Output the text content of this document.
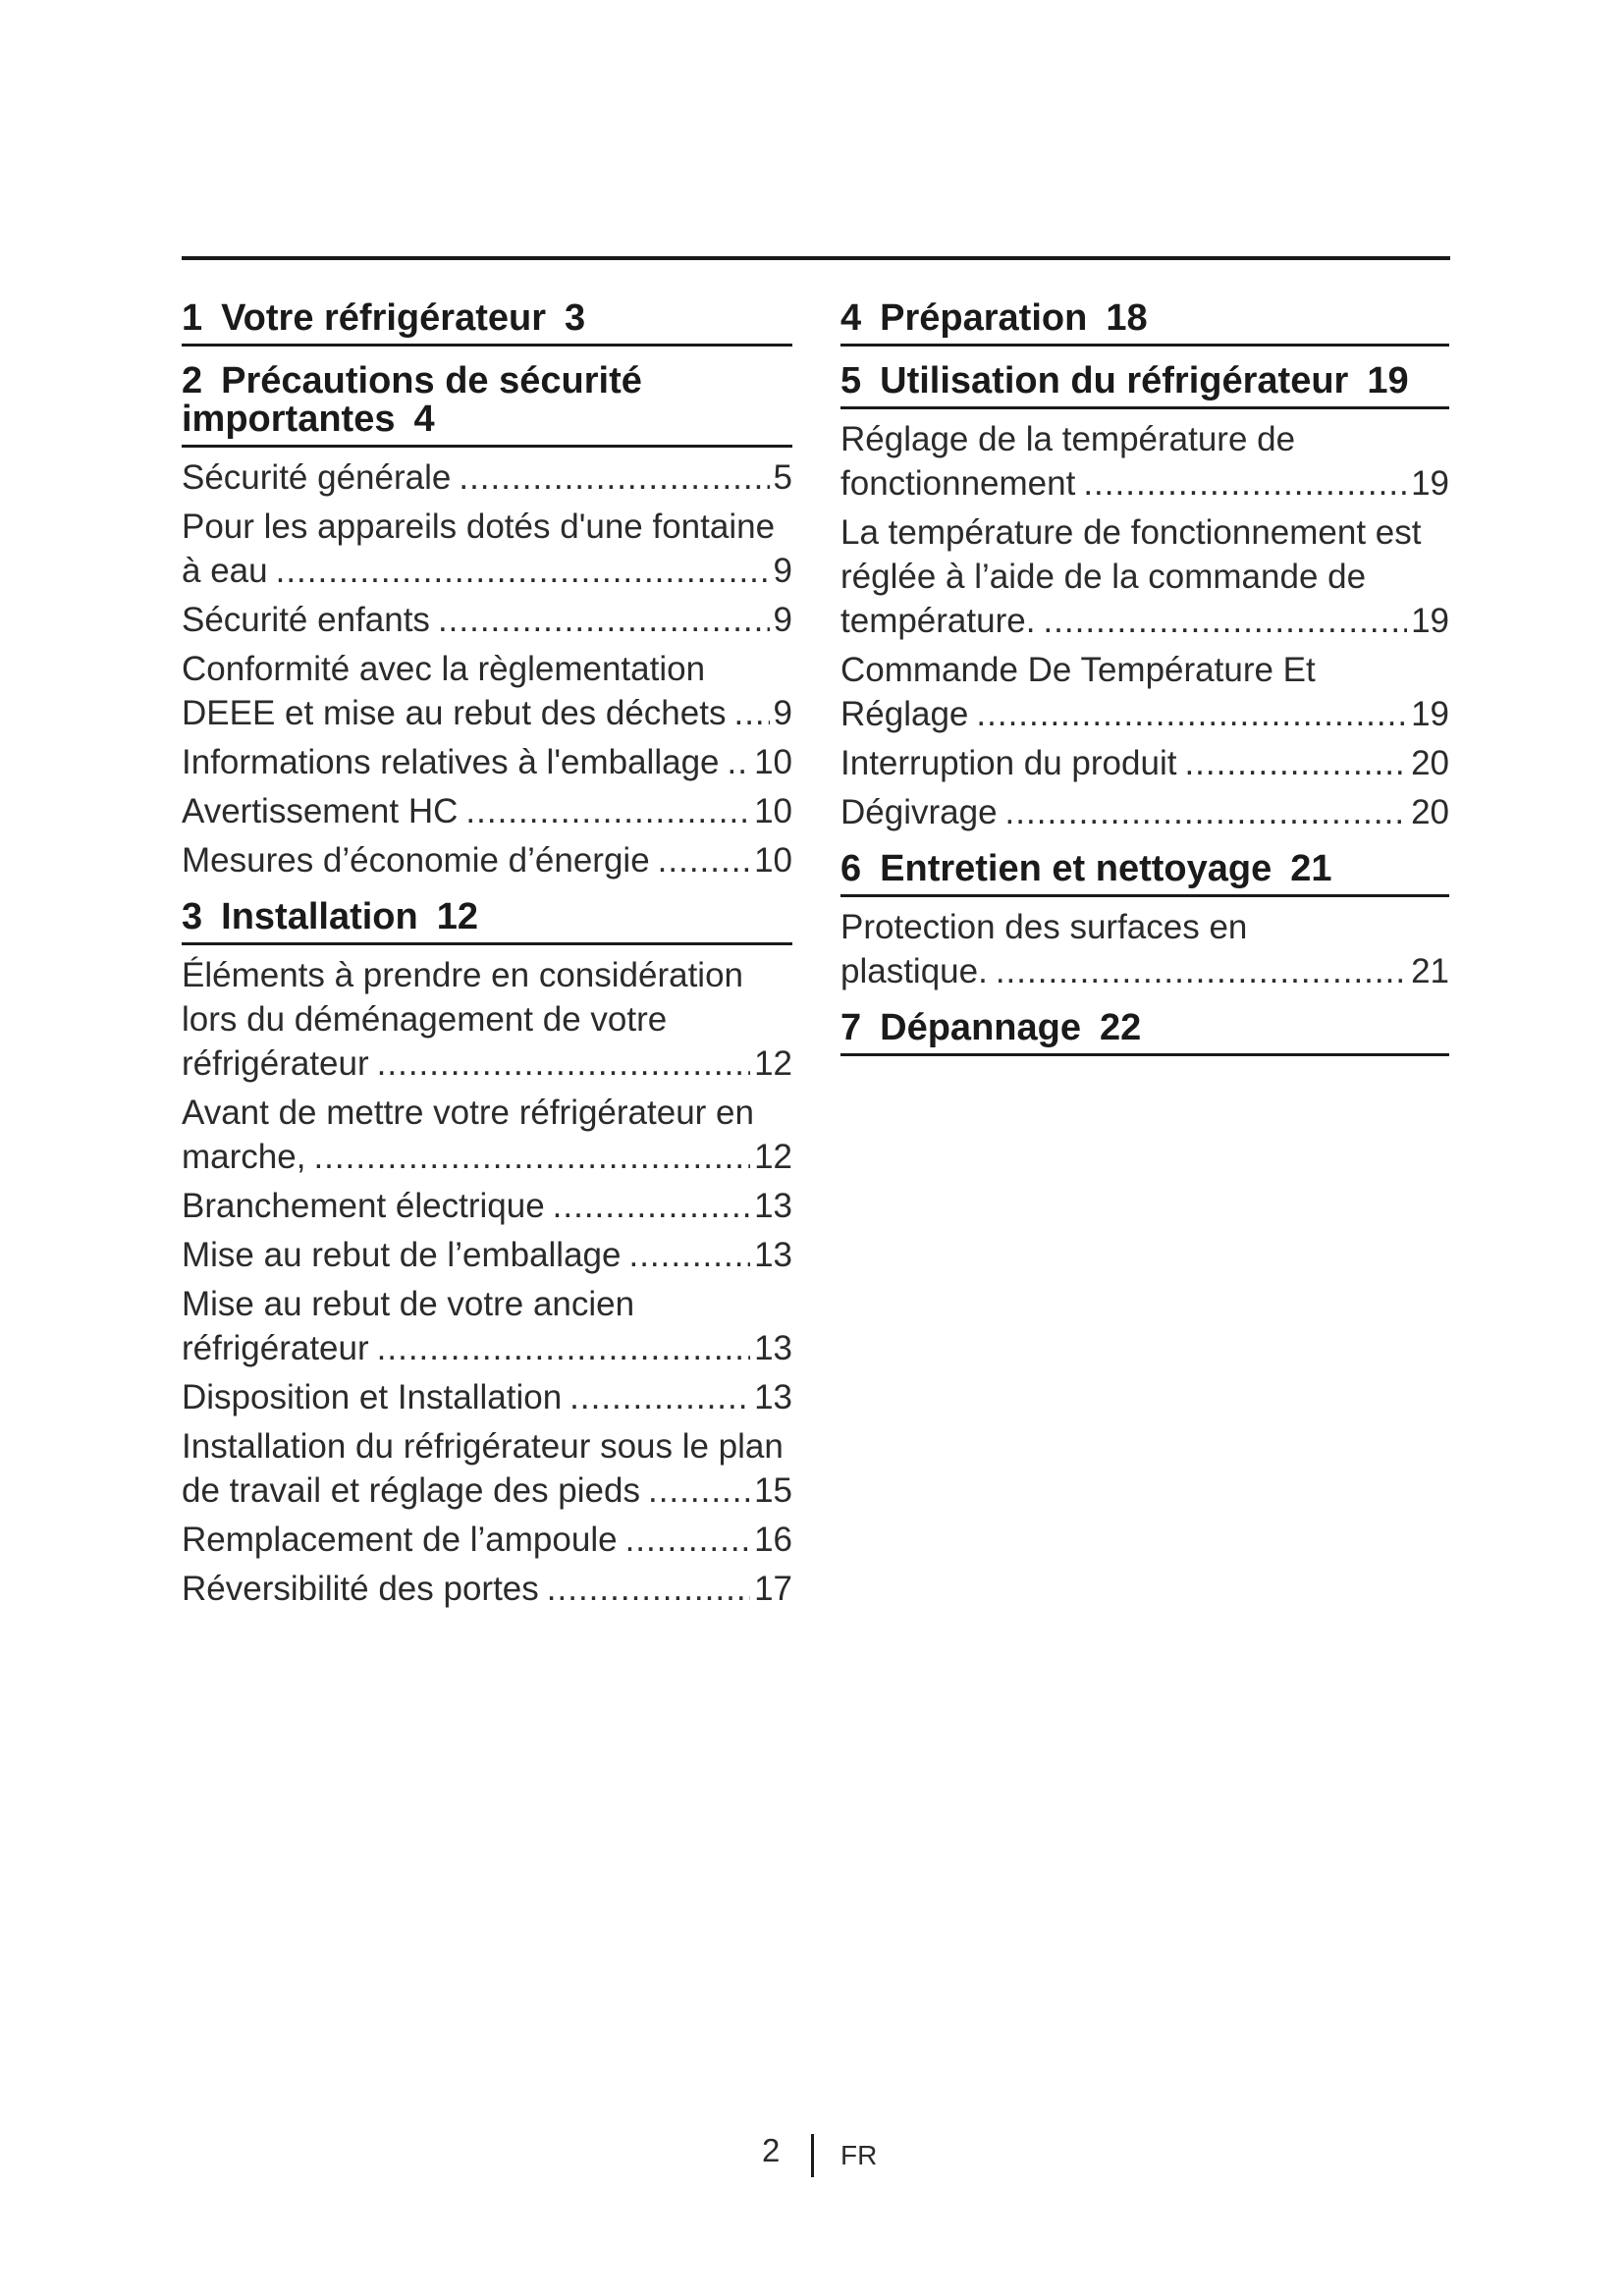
1 Votre réfrigérateur 3
2 Précautions de sécurité importantes 4
Sécurité générale .....	5
Pour les appareils dotés d'une fontaine
à eau .....	9
Sécurité enfants .....	9
Conformité avec la règlementation
DEEE et mise au rebut des déchets ..... 9
Informations relatives à l'emballage ..... 10
Avertissement HC .....	10
Mesures d’économie d’énergie .....	10
3 Installation 12
Éléments à prendre en considération lors du déménagement de votre
réfrigérateur .....	12
Avant de mettre votre réfrigérateur en
marche, .....	12
Branchement électrique .....	13
Mise au rebut de l’emballage .....	13
Mise au rebut de votre ancien
réfrigérateur .....	13
Disposition et Installation .....	13
Installation du réfrigérateur sous le plan
de travail et réglage des pieds .....	15
Remplacement de l’ampoule .....	16
Réversibilité des portes .....	17
4 Préparation 18
5 Utilisation du réfrigérateur 19
Réglage de la température de
fonctionnement .....	19
La température de fonctionnement est réglée à l’aide de la commande de
température. .....	19
Commande De Température Et
Réglage .....	19
Interruption du produit .....	20
Dégivrage .....	20
6 Entretien et nettoyage 21
Protection des surfaces en
plastique. .....	21
7 Dépannage 22
2 FR
